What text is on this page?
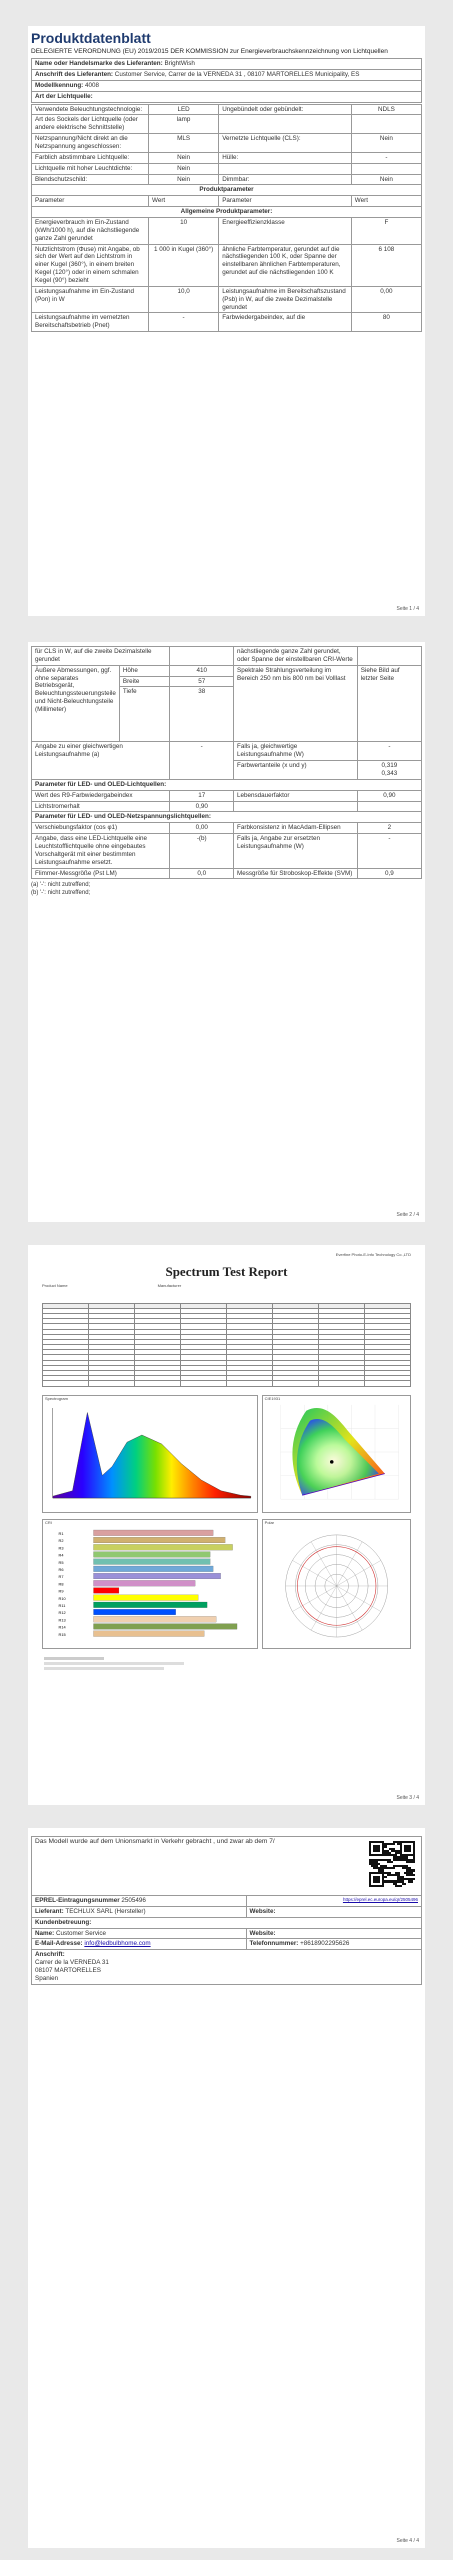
Produktdatenblatt
DELEGIERTE VERORDNUNG (EU) 2019/2015 DER KOMMISSION zur Energieverbrauchskennzeichnung von Lichtquellen
Name oder Handelsmarke des Lieferanten: BrightWish
Anschrift des Lieferanten: Customer Service, Carrer de la VERNEDA 31 , 08107 MARTORELLES Municipality, ES
Modellkennung: 4008
Art der Lichtquelle:
Verwendete Beleuchtungstechnologie:	LED	Ungebündelt oder gebündelt:	NDLS
Art des Sockels der Lichtquelle (oder andere elektrische Schnittstelle)	lamp		
Netzspannung/Nicht direkt an die Netzspannung angeschlossen:	MLS	Vernetzte Lichtquelle (CLS):	Nein
Farblich abstimmbare Lichtquelle:	Nein	Hülle:	-
Lichtquelle mit hoher Leuchtdichte:	Nein		
Blendschutzschild:	Nein	Dimmbar:	Nein
Produktparameter			
Parameter	Wert	Parameter	Wert
Allgemeine Produktparameter:			
Energieverbrauch im Ein-Zustand (kWh/1000 h), auf die nächstliegende ganze Zahl gerundet	10	Energieeffizienzklasse	F
Nutzlichtstrom (Φuse) mit Angabe, ob sich der Wert auf den Lichtstrom in einer Kugel (360°), in einem breiten Kegel (120°) oder in einem schmalen Kegel (90°) bezieht	1 000 in Kugel (360°)	ähnliche Farbtemperatur, gerundet auf die nächstliegenden 100 K, oder Spanne der einstellbaren ähnlichen Farbtemperaturen, gerundet auf die nächstliegenden 100 K	6 108
Leistungsaufnahme im Ein-Zustand (Pon) in W	10,0	Leistungsaufnahme im Bereitschaftszustand (Psb) in W, auf die zweite Dezimalstelle gerundet	0,00
Leistungsaufnahme im vernetzten Bereitschaftsbetrieb (Pnet)	-	Farbwiedergabeindex, auf die	80
Seite 1 / 4
für CLS in W, auf die zweite Dezimalstelle gerundet			nächstliegende ganze Zahl gerundet, oder Spanne der einstellbaren CRI-Werte	
Äußere Abmessungen, ggf. ohne separates Betriebsgerät, Beleuchtungssteuerungsteile und Nicht-Beleuchtungsteile (Millimeter)	Höhe	410	Spektrale Strahlungsverteilung im Bereich 250 nm bis 800 nm bei Volllast	Siehe Bild auf letzter Seite
	Breite	57		
	Tiefe	38		
Angabe zu einer gleichwertigen Leistungsaufnahme (a)		-	Falls ja, gleichwertige Leistungsaufnahme (W)	-
			Farbwertanteile (x und y)	0,319
0,343

Parameter für LED- und OLED-Lichtquellen:				
Wert des R9-Farbwiedergabeindex		17	Lebensdauerfaktor	0,90
Lichtstromerhalt		0,90		
Parameter für LED- und OLED-Netzspannungslichtquellen:				
Verschiebungsfaktor (cos φ1)		0,00	Farbkonsistenz in MacAdam-Ellipsen	2
Angabe, dass eine LED-Lichtquelle eine Leuchtstofflichtquelle ohne eingebautes Vorschaltgerät mit einer bestimmten Leistungsaufnahme ersetzt.		-(b)	Falls ja, Angabe zur ersetzten Leistungsaufnahme (W)	-
Flimmer-Messgröße (Pst LM)		0,0	Messgröße für Stroboskop-Effekte (SVM)	0,9
(a) '-': nicht zutreffend;
(b) '-': nicht zutreffend;
Seite 2 / 4
Everfine Photo-E-Info Technology Co.,LTD
Spectrum Test Report
Product Name	Manufacturer

Spectrogram	CIE1931
CRI
R1
R2
R3
R4
R5
R6
R7
R8
R9
R10
R11
R12
R13
R14
R15
Polar
Seite 3 / 4
Das Modell wurde auf dem Unionsmarkt in Verkehr gebracht , und zwar ab dem 7/	

EPREL-Eintragungsnummer 2505496	https://eprel.ec.europa.eu/qr/2505496
Lieferant: TECHLUX SARL (Hersteller)	Website:
Kundenbetreuung:	
Name: Customer Service	Website:
E-Mail-Adresse: info@ledbulbhome.com	Telefonnummer: +8618902295626
Anschrift:
Carrer de la VERNEDA 31
08107 MARTORELLES
Spanien	
Seite 4 / 4
